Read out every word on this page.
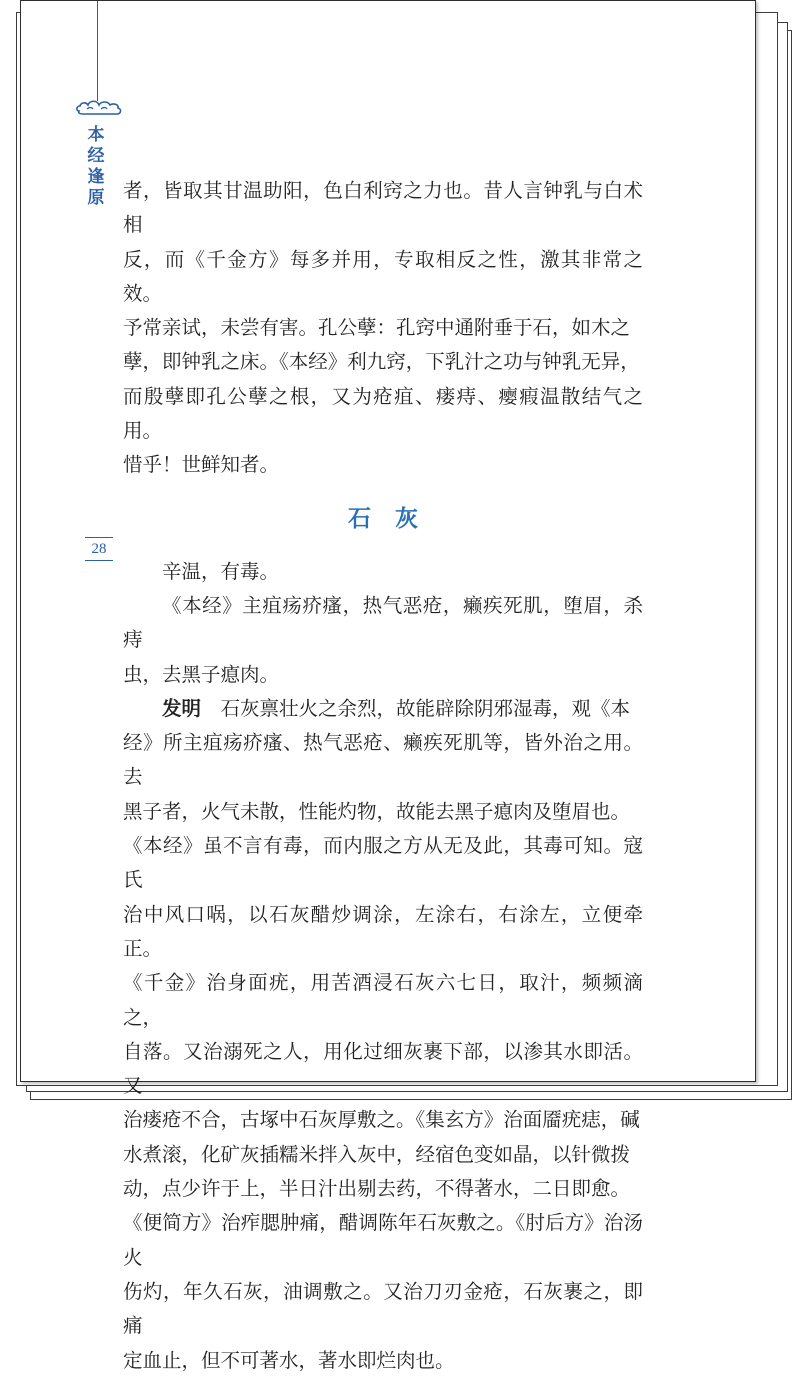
本
经
逢
原
28

者，皆取其甘温助阳，色白利窍之力也。昔人言钟乳与白术相

反，而《千金方》每多并用，专取相反之性，激其非常之效。

予常亲试，未尝有害。孔公孽：孔窍中通附垂于石，如木之

孽，即钟乳之床。《本经》利九窍，下乳汁之功与钟乳无异，

而殷孽即孔公孽之根，又为疮疽、瘘痔、瘿瘕温散结气之用。

惜乎！世鲜知者。

石灰

辛温，有毒。

《本经》主疽疡疥瘙，热气恶疮，癞疾死肌，堕眉，杀痔

虫，去黑子瘜肉。

发明　 石灰禀壮火之余烈，故能辟除阴邪湿毒，观《本

经》所主疽疡疥瘙、热气恶疮、癞疾死肌等，皆外治之用。去

黑子者，火气未散，性能灼物，故能去黑子瘜肉及堕眉也。

《本经》虽不言有毒，而内服之方从无及此，其毒可知。寇氏

治中风口㖞，以石灰醋炒调涂，左涂右，右涂左，立便牵正。

《千金》治身面疣，用苦酒浸石灰六七日，取汁，频频滴之，

自落。又治溺死之人，用化过细灰裹下部，以渗其水即活。又

治瘘疮不合，古塚中石灰厚敷之。《集玄方》治面靥疣痣，碱

水煮滚，化矿灰插糯米拌入灰中，经宿色变如晶，以针微拨

动，点少许于上，半日汁出剔去药，不得著水，二日即愈。

《便简方》治痄腮肿痛，醋调陈年石灰敷之。《肘后方》治汤火

伤灼，年久石灰，油调敷之。又治刀刃金疮，石灰裹之，即痛

定血止，但不可著水，著水即烂肉也。
